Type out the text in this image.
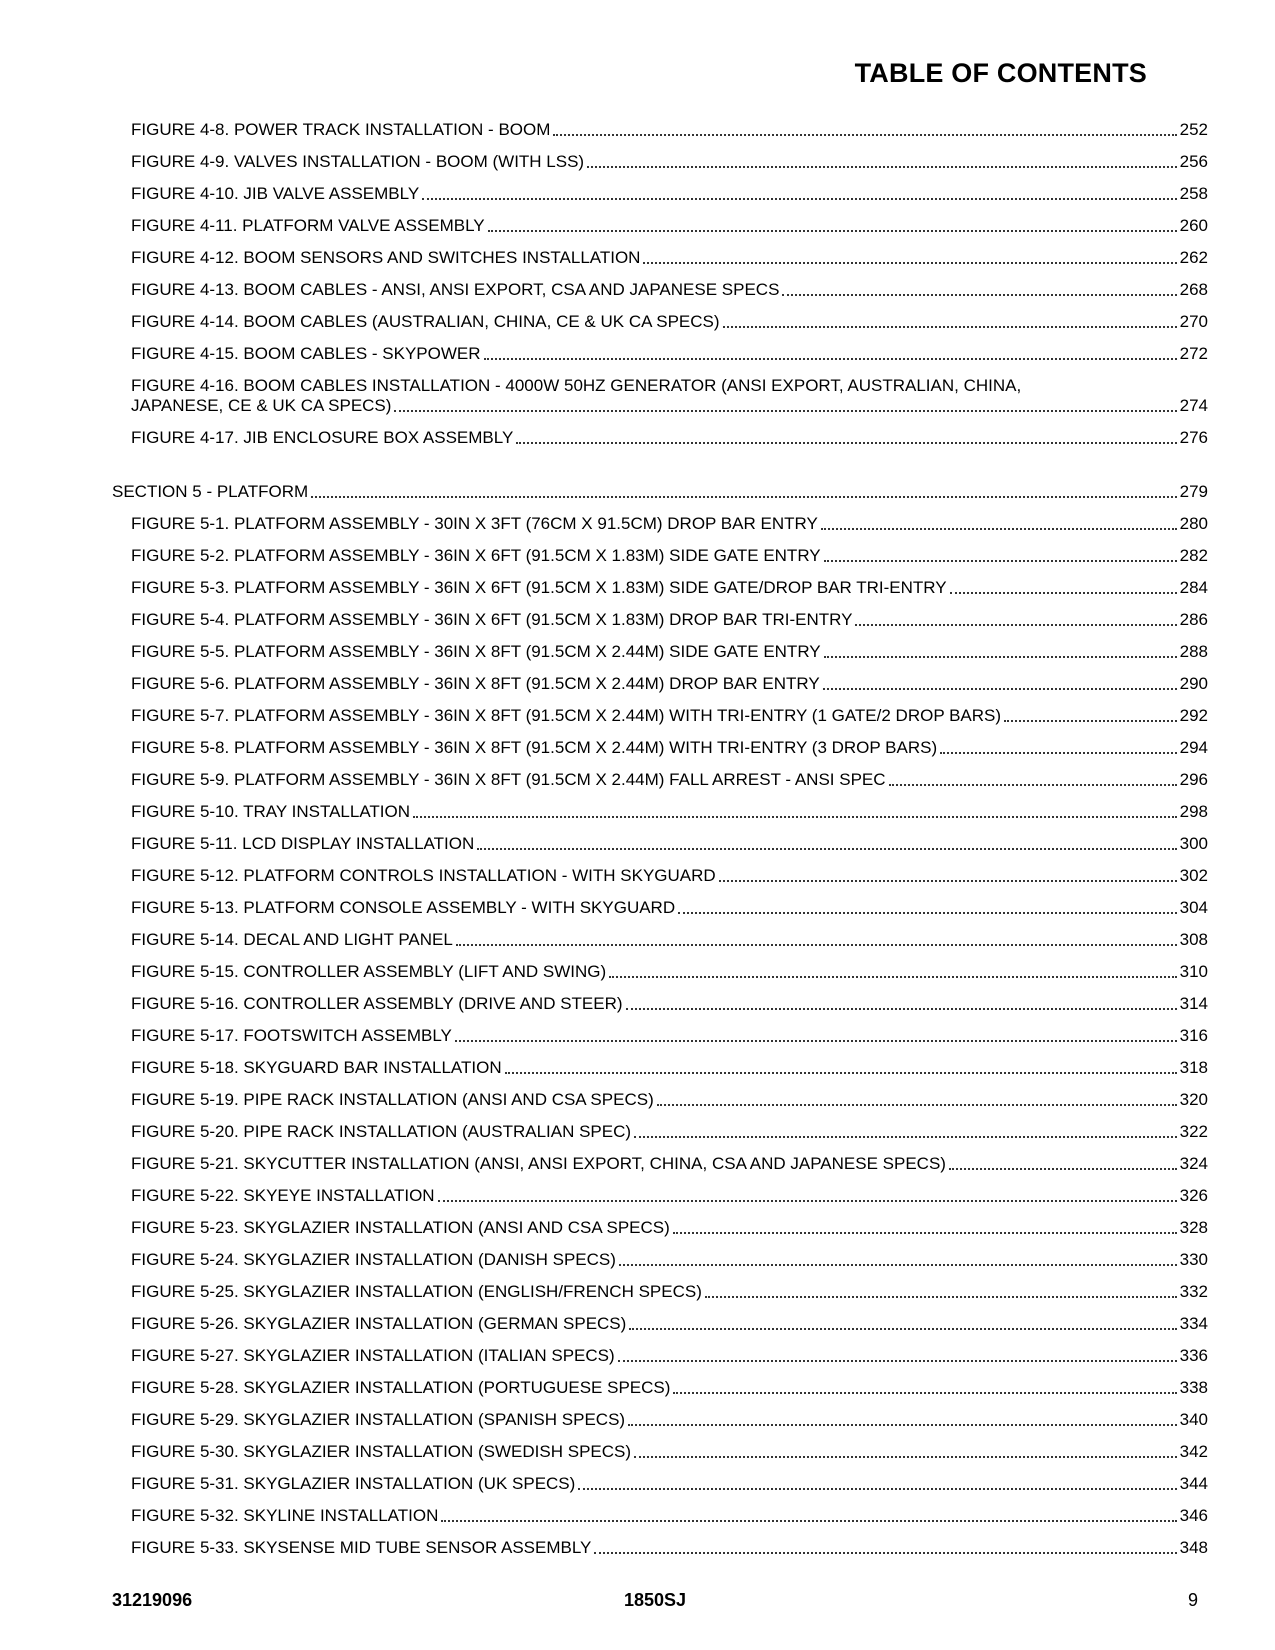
TABLE OF CONTENTS
FIGURE 4-8. POWER TRACK INSTALLATION - BOOM	252
FIGURE 4-9. VALVES INSTALLATION - BOOM (WITH LSS)	256
FIGURE 4-10. JIB VALVE ASSEMBLY	258
FIGURE 4-11. PLATFORM VALVE ASSEMBLY	260
FIGURE 4-12. BOOM SENSORS AND SWITCHES INSTALLATION	262
FIGURE 4-13. BOOM CABLES - ANSI, ANSI EXPORT, CSA AND JAPANESE SPECS	268
FIGURE 4-14. BOOM CABLES (AUSTRALIAN, CHINA, CE & UK CA SPECS)	270
FIGURE 4-15. BOOM CABLES - SKYPOWER	272
FIGURE 4-16. BOOM CABLES INSTALLATION - 4000W 50HZ GENERATOR (ANSI EXPORT, AUSTRALIAN, CHINA,
JAPANESE, CE & UK CA SPECS)	274
FIGURE 4-17. JIB ENCLOSURE BOX ASSEMBLY	276
SECTION 5 - PLATFORM	279
FIGURE 5-1. PLATFORM ASSEMBLY - 30IN X 3FT (76CM X 91.5CM) DROP BAR ENTRY	280
FIGURE 5-2. PLATFORM ASSEMBLY - 36IN X 6FT (91.5CM X 1.83M) SIDE GATE ENTRY	282
FIGURE 5-3. PLATFORM ASSEMBLY - 36IN X 6FT (91.5CM X 1.83M) SIDE GATE/DROP BAR TRI-ENTRY	284
FIGURE 5-4. PLATFORM ASSEMBLY - 36IN X 6FT (91.5CM X 1.83M) DROP BAR TRI-ENTRY	286
FIGURE 5-5. PLATFORM ASSEMBLY - 36IN X 8FT (91.5CM X 2.44M) SIDE GATE ENTRY	288
FIGURE 5-6. PLATFORM ASSEMBLY - 36IN X 8FT (91.5CM X 2.44M) DROP BAR ENTRY	290
FIGURE 5-7. PLATFORM ASSEMBLY - 36IN X 8FT (91.5CM X 2.44M) WITH TRI-ENTRY (1 GATE/2 DROP BARS)	292
FIGURE 5-8. PLATFORM ASSEMBLY - 36IN X 8FT (91.5CM X 2.44M) WITH TRI-ENTRY (3 DROP BARS)	294
FIGURE 5-9. PLATFORM ASSEMBLY - 36IN X 8FT (91.5CM X 2.44M) FALL ARREST - ANSI SPEC	296
FIGURE 5-10. TRAY INSTALLATION	298
FIGURE 5-11. LCD DISPLAY INSTALLATION	300
FIGURE 5-12. PLATFORM CONTROLS INSTALLATION - WITH SKYGUARD	302
FIGURE 5-13. PLATFORM CONSOLE ASSEMBLY - WITH SKYGUARD	304
FIGURE 5-14. DECAL AND LIGHT PANEL	308
FIGURE 5-15. CONTROLLER ASSEMBLY (LIFT AND SWING)	310
FIGURE 5-16. CONTROLLER ASSEMBLY (DRIVE AND STEER)	314
FIGURE 5-17. FOOTSWITCH ASSEMBLY	316
FIGURE 5-18. SKYGUARD BAR INSTALLATION	318
FIGURE 5-19. PIPE RACK INSTALLATION (ANSI AND CSA SPECS)	320
FIGURE 5-20. PIPE RACK INSTALLATION (AUSTRALIAN SPEC)	322
FIGURE 5-21. SKYCUTTER INSTALLATION (ANSI, ANSI EXPORT, CHINA, CSA AND JAPANESE SPECS)	324
FIGURE 5-22. SKYEYE INSTALLATION	326
FIGURE 5-23. SKYGLAZIER INSTALLATION (ANSI AND CSA SPECS)	328
FIGURE 5-24. SKYGLAZIER INSTALLATION (DANISH SPECS)	330
FIGURE 5-25. SKYGLAZIER INSTALLATION (ENGLISH/FRENCH SPECS)	332
FIGURE 5-26. SKYGLAZIER INSTALLATION (GERMAN SPECS)	334
FIGURE 5-27. SKYGLAZIER INSTALLATION (ITALIAN SPECS)	336
FIGURE 5-28. SKYGLAZIER INSTALLATION (PORTUGUESE SPECS)	338
FIGURE 5-29. SKYGLAZIER INSTALLATION (SPANISH SPECS)	340
FIGURE 5-30. SKYGLAZIER INSTALLATION (SWEDISH SPECS)	342
FIGURE 5-31. SKYGLAZIER INSTALLATION (UK SPECS)	344
FIGURE 5-32. SKYLINE INSTALLATION	346
FIGURE 5-33. SKYSENSE MID TUBE SENSOR ASSEMBLY	348
31219096	1850SJ	9
